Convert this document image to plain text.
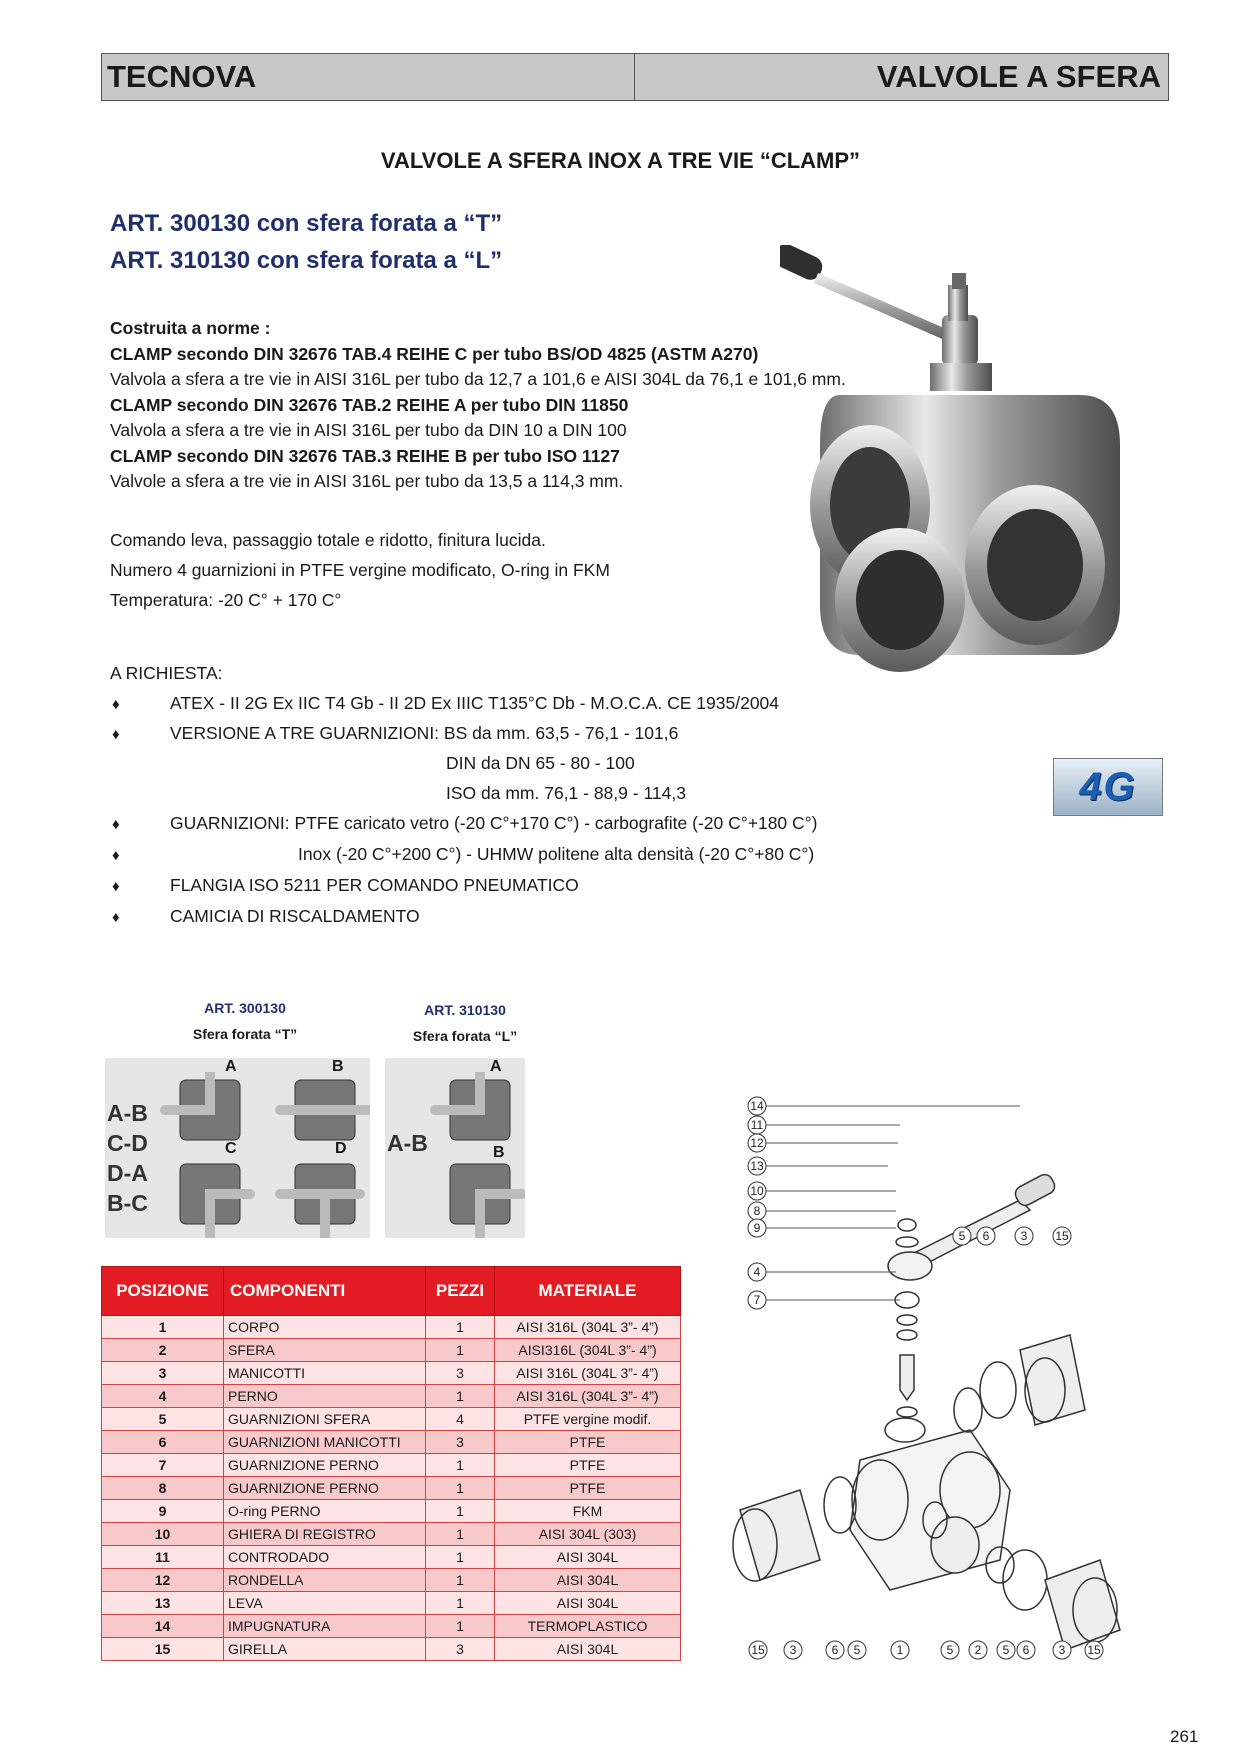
TECNOVA	VALVOLE A SFERA
VALVOLE A SFERA INOX A TRE VIE “CLAMP”
ART. 300130 con sfera forata a “T”
ART. 310130 con sfera forata a “L”
Costruita a norme :
CLAMP secondo DIN 32676 TAB.4 REIHE C per tubo BS/OD 4825 (ASTM A270)
Valvola a sfera a tre vie in AISI 316L per tubo da 12,7 a 101,6 e AISI 304L da 76,1 e 101,6 mm.
CLAMP secondo DIN 32676 TAB.2 REIHE A per tubo DIN 11850
Valvola a sfera a tre vie in AISI 316L per tubo da DIN 10 a DIN 100
CLAMP secondo DIN 32676 TAB.3 REIHE B per tubo ISO 1127
Valvole a sfera a tre vie in AISI 316L per tubo da 13,5 a 114,3 mm.
Comando leva, passaggio totale e ridotto, finitura lucida.
Numero 4 guarnizioni in PTFE vergine modificato, O-ring in FKM
Temperatura: -20 C° + 170 C°
A RICHIESTA:
♦	ATEX - II 2G Ex IIC T4 Gb - II 2D Ex IIIC T135°C Db - M.O.C.A. CE 1935/2004
♦	VERSIONE A TRE GUARNIZIONI: BS da mm. 63,5 - 76,1 - 101,6
DIN da DN 65 - 80 - 100
ISO da mm. 76,1 - 88,9 - 114,3
♦	GUARNIZIONI: PTFE caricato vetro (-20 C°+170 C°) - carbografite (-20 C°+180 C°)
♦	Inox (-20 C°+200 C°) - UHMW politene alta densità (-20 C°+80 C°)
♦	FLANGIA ISO 5211 PER COMANDO PNEUMATICO
♦	CAMICIA DI RISCALDAMENTO
4G
ART. 300130
Sfera forata “T”
ART. 310130
Sfera forata “L”
A-B
C-D
D-A
B-C
A	B
C	D A-B
A
B
POSIZIONE	COMPONENTI	PEZZI	MATERIALE
1	CORPO	1	AISI 316L (304L 3”- 4”)
2	SFERA	1	AISI316L (304L 3”- 4”)
3	MANICOTTI	3	AISI 316L (304L 3”- 4”)
4	PERNO	1	AISI 316L (304L 3”- 4”)
5	GUARNIZIONI SFERA	4	PTFE vergine modif.
6	GUARNIZIONI MANICOTTI	3	PTFE
7	GUARNIZIONE PERNO	1	PTFE
8	GUARNIZIONE PERNO	1	PTFE
9	O-ring PERNO	1	FKM
10	GHIERA DI REGISTRO	1	AISI 304L (303)
11	CONTRODADO	1	AISI 304L
12	RONDELLA	1	AISI 304L
13	LEVA	1	AISI 304L
14	IMPUGNATURA	1	TERMOPLASTICO
15	GIRELLA	3	AISI 304L
14
11
12
13
10
8
9
4
7
5 6	3 15
15 3	6 5	1	5 2 5 6 3 15
261
